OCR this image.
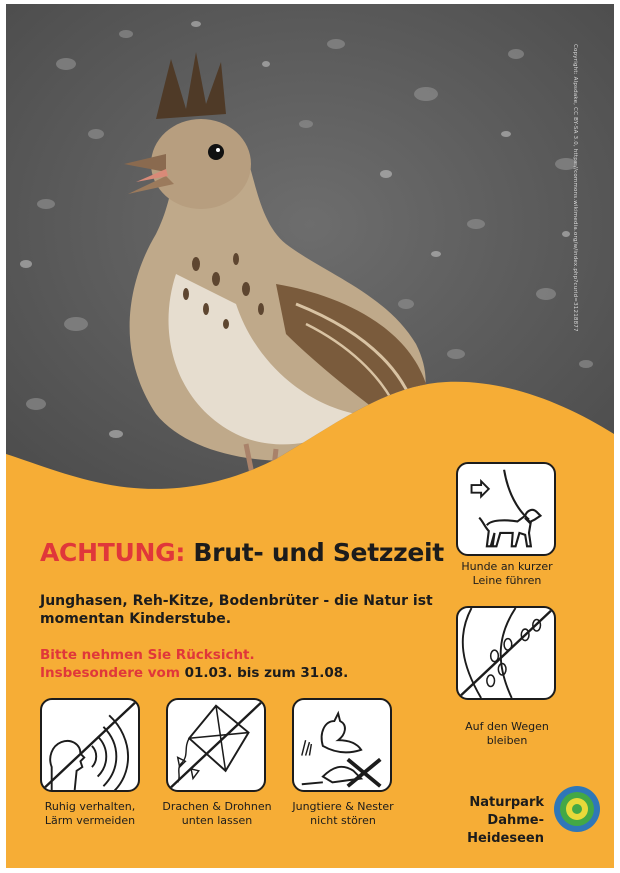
Copyright: Alpsdake, CC BY-SA 3.0, https://commons.wikimedia.org/w/index.php?curid=31218877
ACHTUNG: Brut- und Setzzeit
Junghasen, Reh-Kitze, Bodenbrüter - die Natur ist
momentan Kinderstube.
Bitte nehmen Sie Rücksicht.
Insbesondere vom 01.03. bis zum 31.08.
Hunde an kurzer
Leine führen
Auf den Wegen
bleiben
Ruhig verhalten,
Lärm vermeiden
Drachen & Drohnen
unten lassen
Jungtiere & Nester
nicht stören
Naturpark
Dahme-Heideseen
